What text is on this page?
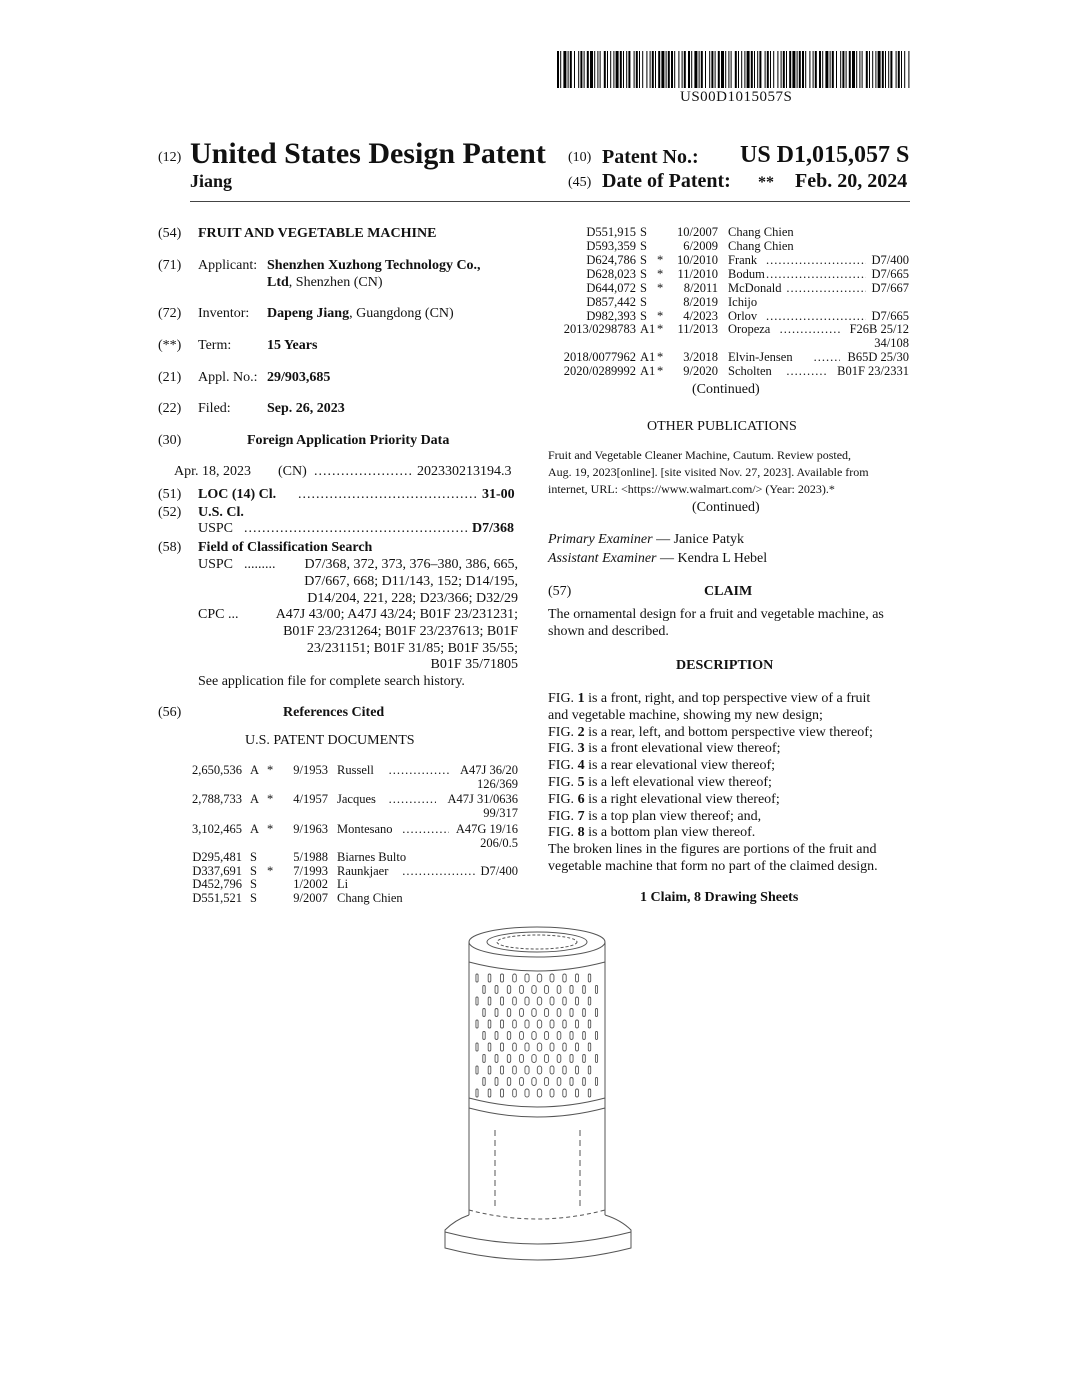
US00D1015057S
(12) United States Design Patent
Jiang
(10) Patent No.: US D1,015,057 S
(45) Date of Patent: ** Feb. 20, 2024
(54) FRUIT AND VEGETABLE MACHINE
(71) Applicant: Shenzhen Xuzhong Technology Co.,
Ltd, Shenzhen (CN)
(72) Inventor: Dapeng Jiang, Guangdong (CN)
(**) Term:	15 Years
(21) Appl. No.: 29/903,685
(22) Filed:	Sep. 26, 2023
(30)	Foreign Application Priority Data
Apr. 18, 2023 (CN) .....	202330213194.3
(51) LOC (14) Cl. .....	31-00
(52) U.S. Cl.
USPC .....	D7/368
(58) Field of Classification Search
USPC .........	D7/368, 372, 373, 376–380, 386, 665,
D7/667, 668; D11/143, 152; D14/195,
D14/204, 221, 228; D23/366; D32/29
CPC ...	A47J 43/00; A47J 43/24; B01F 23/231231;
B01F 23/231264; B01F 23/237613; B01F
23/231151; B01F 31/85; B01F 35/55;
B01F 35/71805
See application file for complete search history.
(56)	References Cited
U.S. PATENT DOCUMENTS
2,650,536 A *	9/1953 Russell .....	A47J 36/20
126/369
2,788,733 A *	4/1957 Jacques .....	A47J 31/0636
99/317
3,102,465 A *	9/1963 Montesano .....	A47G 19/16
206/0.5
D295,481 S	5/1988 Biarnes Bulto
D337,691 S *	7/1993 Raunkjaer .....	D7/400
D452,796 S	1/2002 Li
D551,521 S	9/2007 Chang Chien
D551,915 S	10/2007 Chang Chien
D593,359 S	6/2009 Chang Chien
D624,786 S *	10/2010 Frank .....	D7/400
D628,023 S *	11/2010 Bodum .....	D7/665
D644,072 S *	8/2011 McDonald .....	D7/667
D857,442 S	8/2019 Ichijo
D982,393 S *	4/2023 Orlov .....	D7/665
2013/0298783 A1 *	11/2013 Oropeza .....	F26B 25/12
34/108
2018/0077962 A1 *	3/2018 Elvin-Jensen .....	B65D 25/30
2020/0289992 A1 *	9/2020 Scholten .....	B01F 23/2331
(Continued)
OTHER PUBLICATIONS
Fruit and Vegetable Cleaner Machine, Cautum. Review posted,
Aug. 19, 2023[online]. [site visited Nov. 27, 2023]. Available from
internet, URL: <https://www.walmart.com/> (Year: 2023).*
(Continued)
Primary Examiner — Janice Patyk
Assistant Examiner — Kendra L Hebel
(57)	CLAIM
The ornamental design for a fruit and vegetable machine, as
shown and described.
DESCRIPTION
FIG. 1 is a front, right, and top perspective view of a fruit
and vegetable machine, showing my new design;
FIG. 2 is a rear, left, and bottom perspective view thereof;
FIG. 3 is a front elevational view thereof;
FIG. 4 is a rear elevational view thereof;
FIG. 5 is a left elevational view thereof;
FIG. 6 is a right elevational view thereof;
FIG. 7 is a top plan view thereof; and,
FIG. 8 is a bottom plan view thereof.
The broken lines in the figures are portions of the fruit and
vegetable machine that form no part of the claimed design.
1 Claim, 8 Drawing Sheets
